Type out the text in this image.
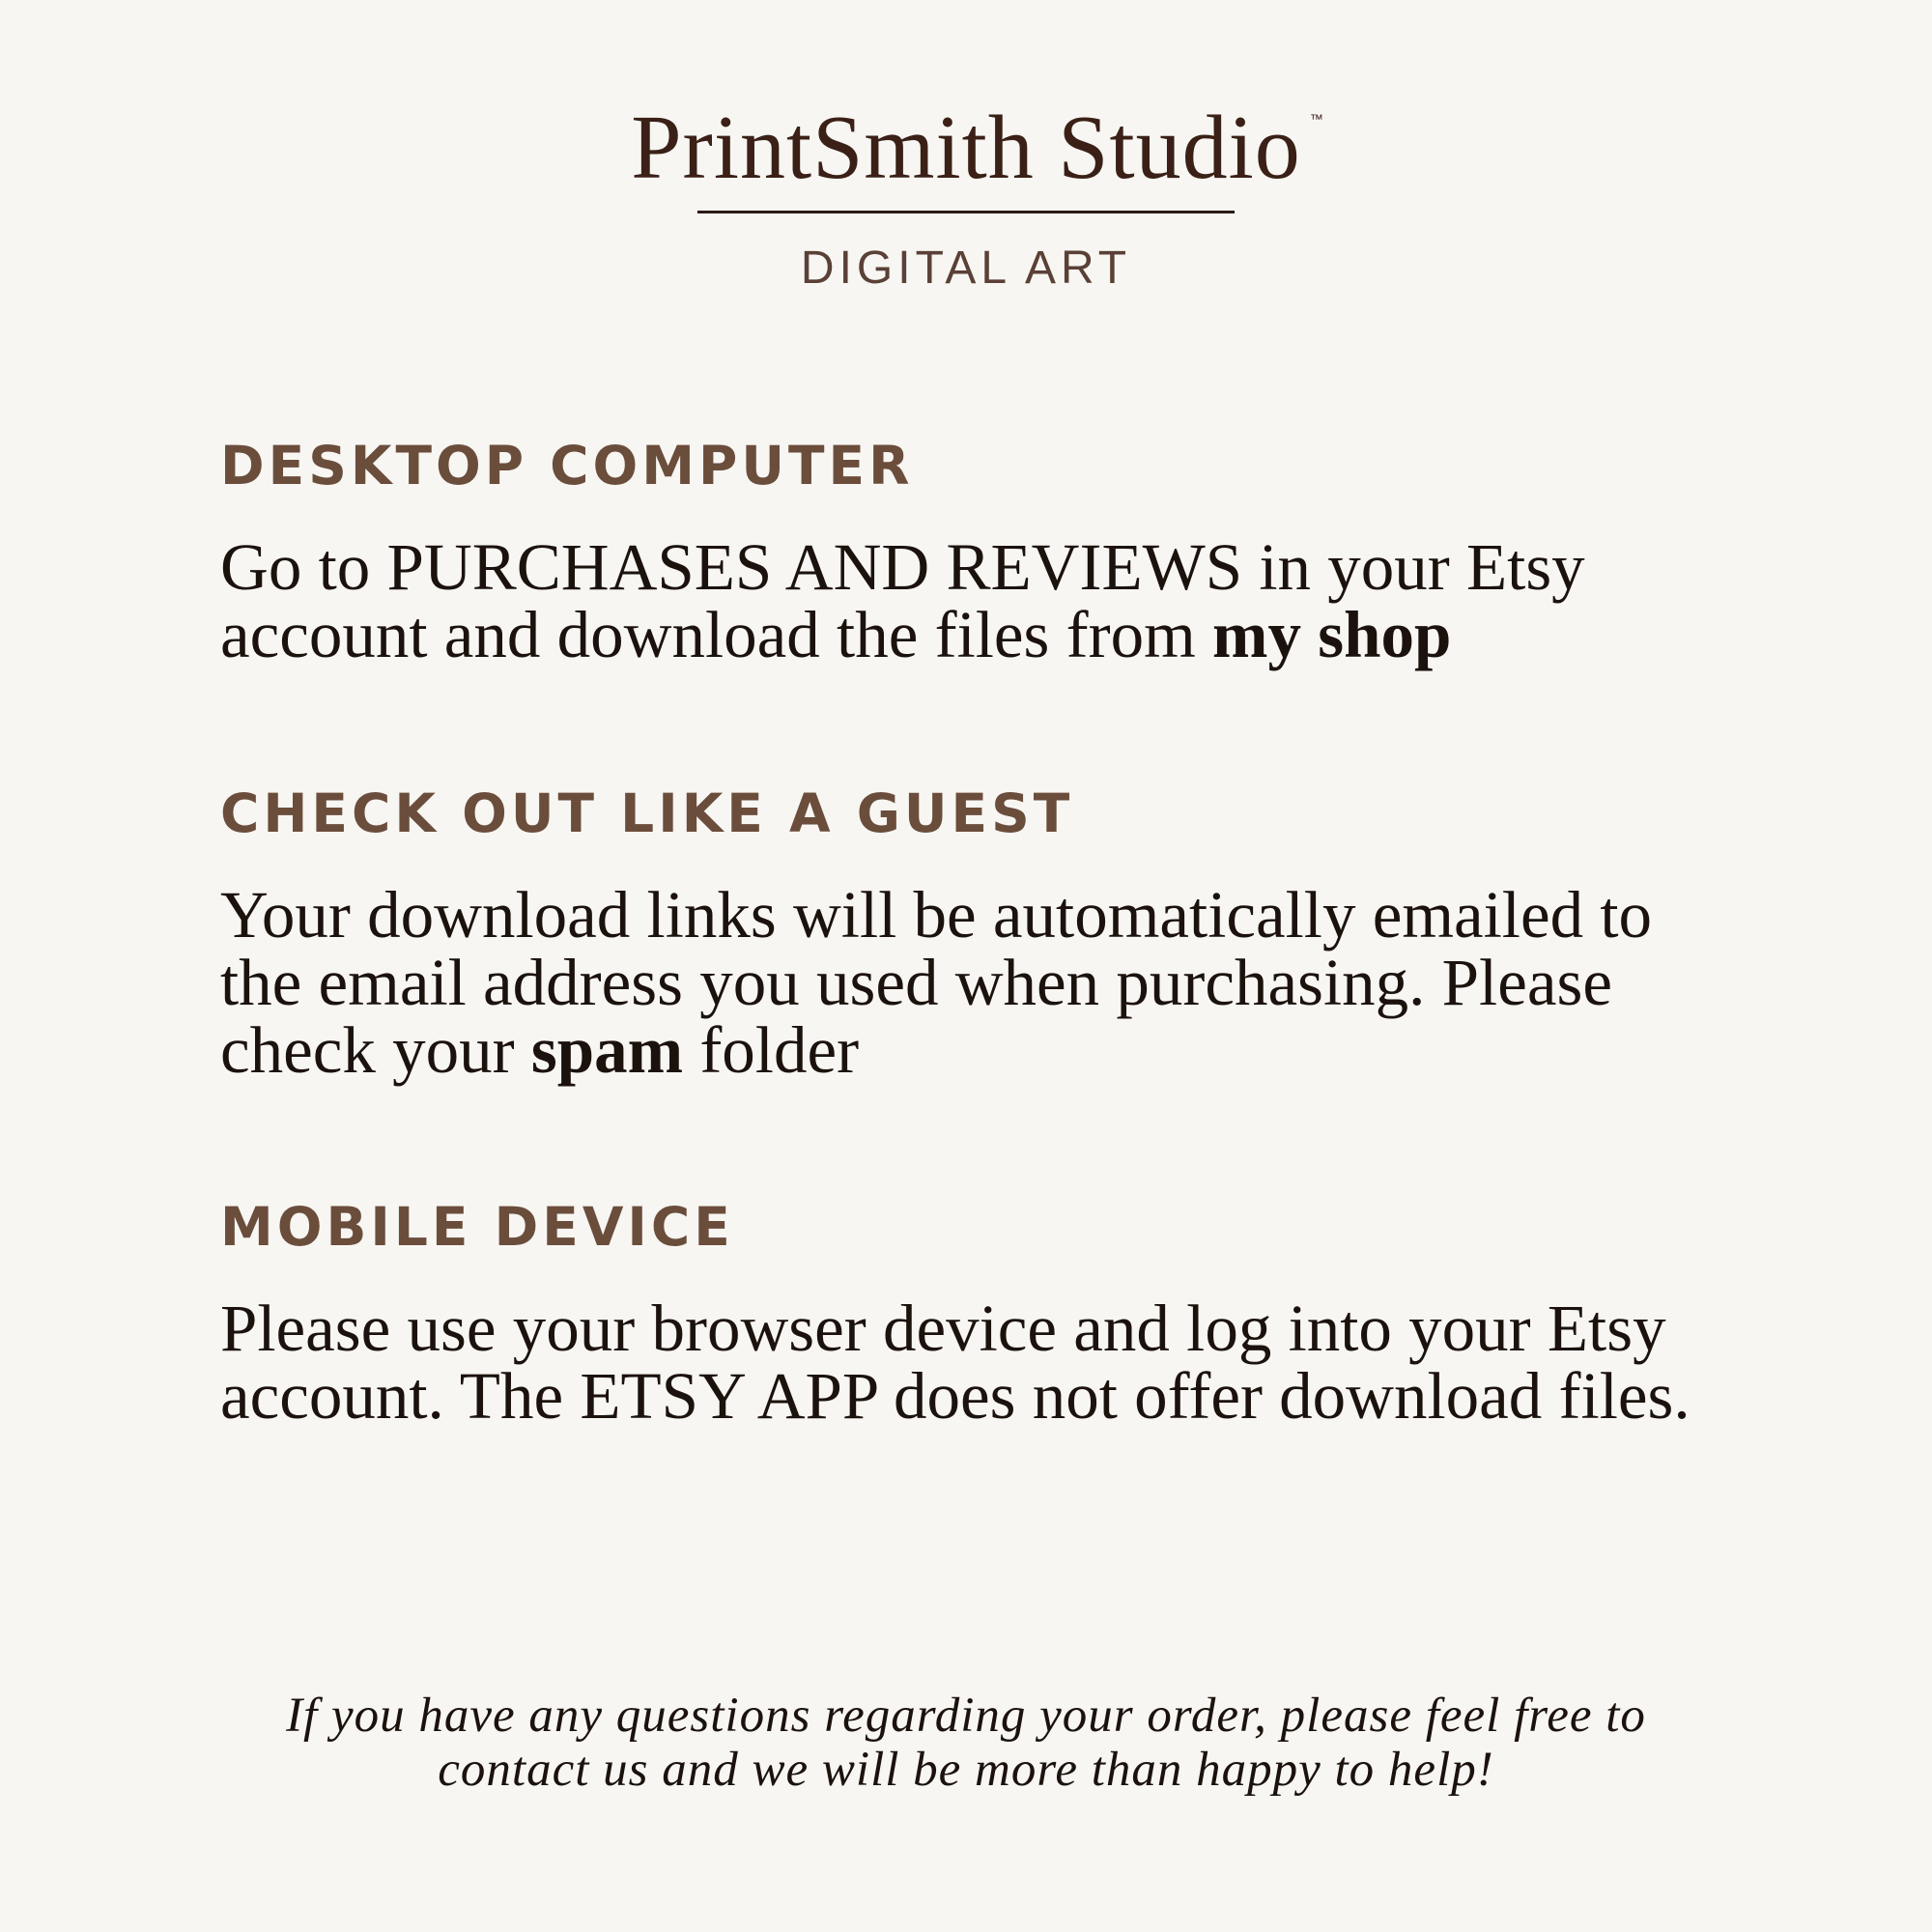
PrintSmith Studio ™
DIGITAL ART
DESKTOP COMPUTER

Go to PURCHASES AND REVIEWS in your Etsy account and download the files from my shop

CHECK OUT LIKE A GUEST

Your download links will be automatically emailed to the email address you used when purchasing. Please check your spam folder

MOBILE DEVICE

Please use your browser device and log into your Etsy account. The ETSY APP does not offer download files.

If you have any questions regarding your order, please feel free to
contact us and we will be more than happy to help!
